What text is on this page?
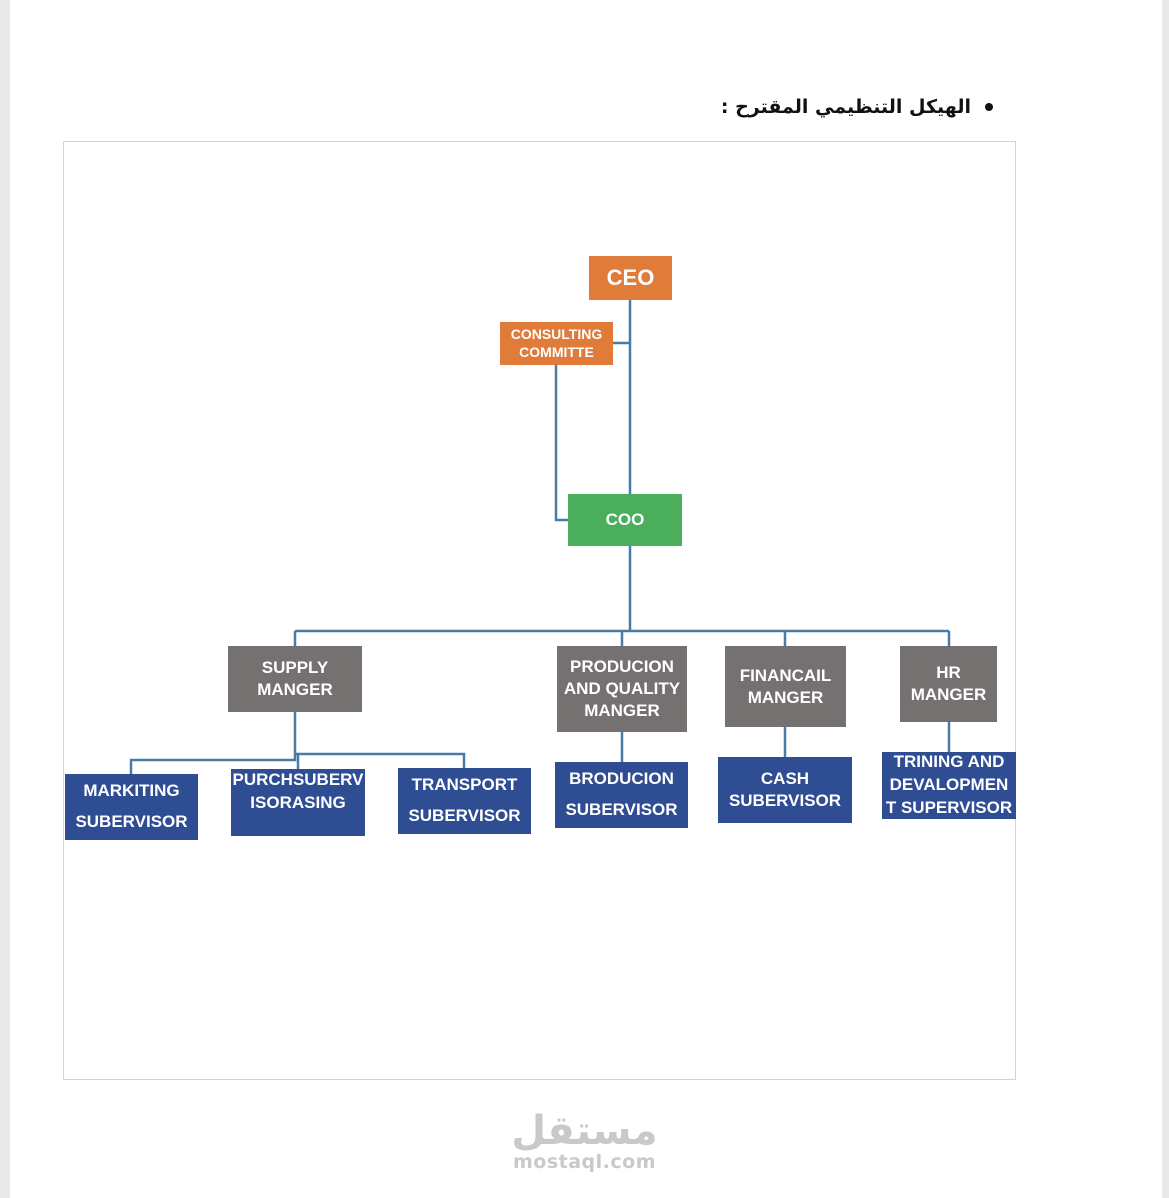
الهيكل التنظيمي المقترح :
CEO
CONSULTING
COMMITTE
COO
SUPPLY
MANGER
PRODUCION
AND QUALITY
MANGER
FINANCAIL
MANGER
HR
MANGER
MARKITING
SUBERVISOR
PURCHSUBERV
ISORASING
TRANSPORT
SUBERVISOR
BRODUCION
SUBERVISOR
CASH
SUBERVISOR
TRINING AND
DEVALOPMEN
T SUPERVISOR
مستقل
mostaql.com
